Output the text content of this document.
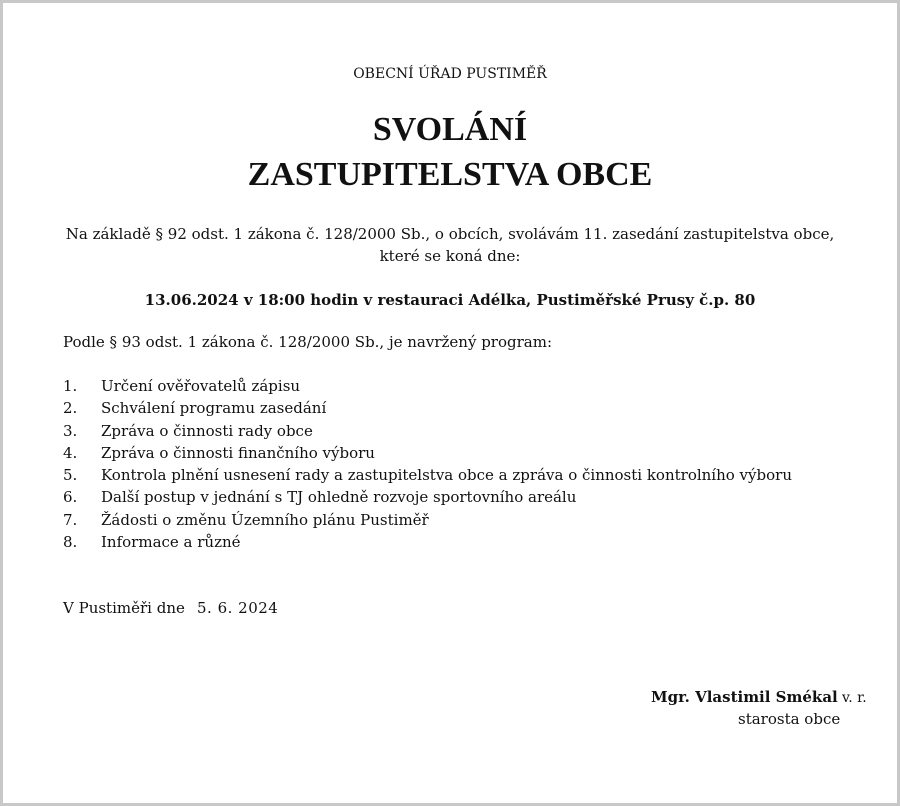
OBECNÍ ÚŘAD PUSTIMĚŘ
SVOLÁNÍ
ZASTUPITELSTVA OBCE
Na základě § 92 odst. 1 zákona č. 128/2000 Sb., o obcích, svolávám 11. zasedání zastupitelstva obce,
které se koná dne:
13.06.2024 v 18:00 hodin v restauraci Adélka, Pustiměřské Prusy č.p. 80
Podle § 93 odst. 1 zákona č. 128/2000 Sb., je navržený program:
1. Určení ověřovatelů zápisu
2. Schválení programu zasedání
3. Zpráva o činnosti rady obce
4. Zpráva o činnosti finančního výboru
5. Kontrola plnění usnesení rady a zastupitelstva obce a zpráva o činnosti kontrolního výboru
6. Další postup v jednání s TJ ohledně rozvoje sportovního areálu
7. Žádosti o změnu Územního plánu Pustiměř
8. Informace a různé
V Pustiměři dne 5. 6. 2024
Mgr. Vlastimil Smékal v. r.
starosta obce
